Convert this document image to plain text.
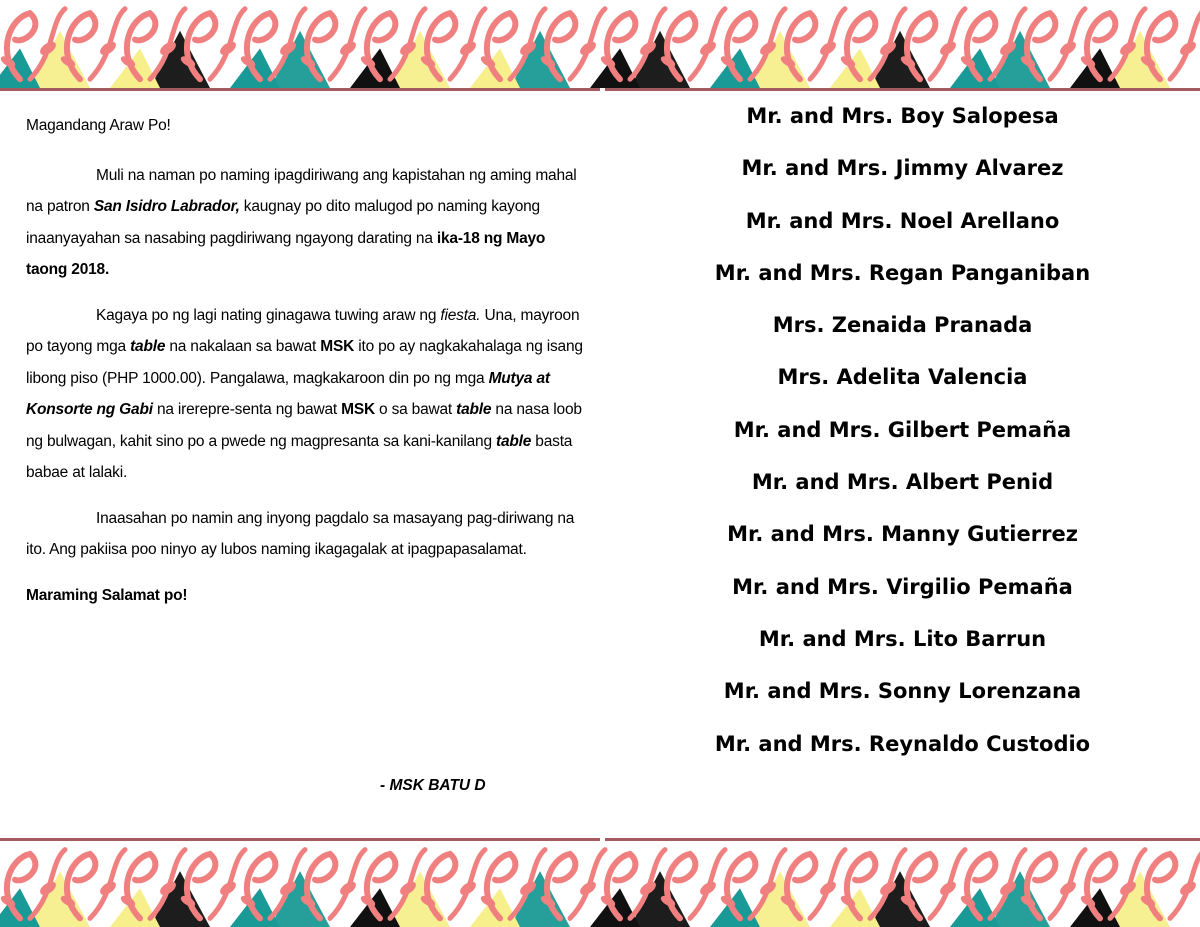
Magandang Araw Po!

Muli na naman po naming ipagdiriwang ang kapistahan ng aming mahal na patron San Isidro Labrador, kaugnay po dito malugod po naming kayong inaanyayahan sa nasabing pagdiriwang ngayong darating na ika-18 ng Mayo taong 2018.

Kagaya po ng lagi nating ginagawa tuwing araw ng fiesta. Una, mayroon po tayong mga table na nakalaan sa bawat MSK ito po ay nagkakahalaga ng isang libong piso (PHP 1000.00). Pangalawa, magkakaroon din po ng mga Mutya at Konsorte ng Gabi na irerepre-senta ng bawat MSK o sa bawat table na nasa loob ng bulwagan, kahit sino po a pwede ng magpresanta sa kani-kanilang table basta babae at lalaki.

Inaasahan po namin ang inyong pagdalo sa masayang pag-diriwang na ito. Ang pakiisa poo ninyo ay lubos naming ikagagalak at ipagpapasalamat.

Maraming Salamat po!

- MSK BATU D
Mr. and Mrs. Boy Salopesa
Mr. and Mrs. Jimmy Alvarez
Mr. and Mrs. Noel Arellano
Mr. and Mrs. Regan Panganiban
Mrs. Zenaida Pranada
Mrs. Adelita Valencia
Mr. and Mrs. Gilbert Pemaña
Mr. and Mrs. Albert Penid
Mr. and Mrs. Manny Gutierrez
Mr. and Mrs. Virgilio Pemaña
Mr. and Mrs. Lito Barrun
Mr. and Mrs. Sonny Lorenzana
Mr. and Mrs. Reynaldo Custodio
